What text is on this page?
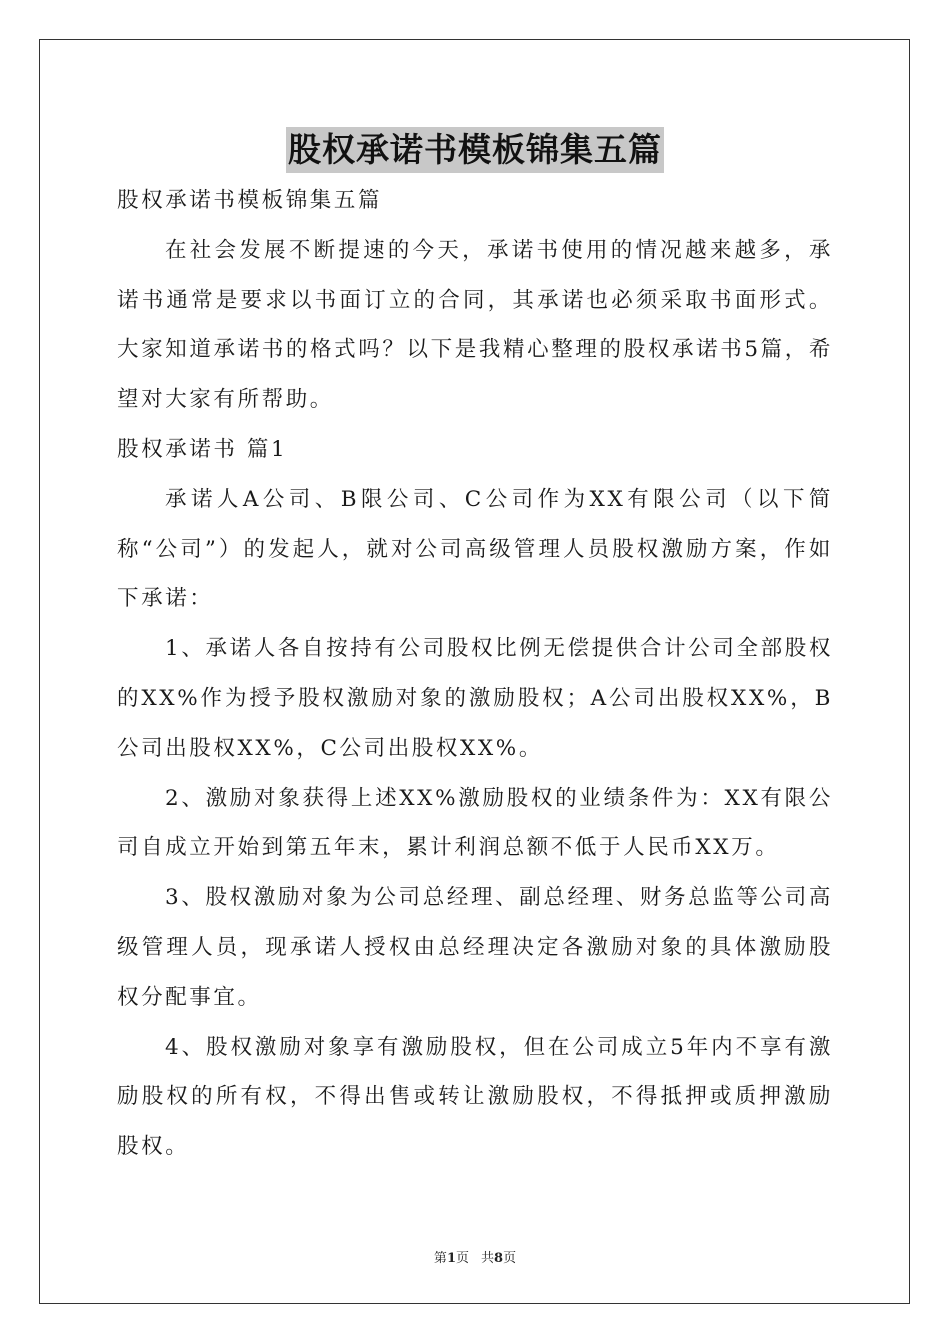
股权承诺书模板锦集五篇

股权承诺书模板锦集五篇

在社会发展不断提速的今天，承诺书使用的情况越来越多，承诺书通常是要求以书面订立的合同，其承诺也必须采取书面形式。大家知道承诺书的格式吗？以下是我精心整理的股权承诺书5篇，希望对大家有所帮助。

股权承诺书 篇1

承诺人A公司、B限公司、C公司作为XX有限公司（以下简称“公司”）的发起人，就对公司高级管理人员股权激励方案，作如下承诺：

1、承诺人各自按持有公司股权比例无偿提供合计公司全部股权的XX%作为授予股权激励对象的激励股权；A公司出股权XX%，B公司出股权XX%，C公司出股权XX%。

2、激励对象获得上述XX%激励股权的业绩条件为：XX有限公司自成立开始到第五年末，累计利润总额不低于人民币XX万。

3、股权激励对象为公司总经理、副总经理、财务总监等公司高级管理人员，现承诺人授权由总经理决定各激励对象的具体激励股权分配事宜。

4、股权激励对象享有激励股权，但在公司成立5年内不享有激励股权的所有权，不得出售或转让激励股权，不得抵押或质押激励股权。

第1页 共8页
